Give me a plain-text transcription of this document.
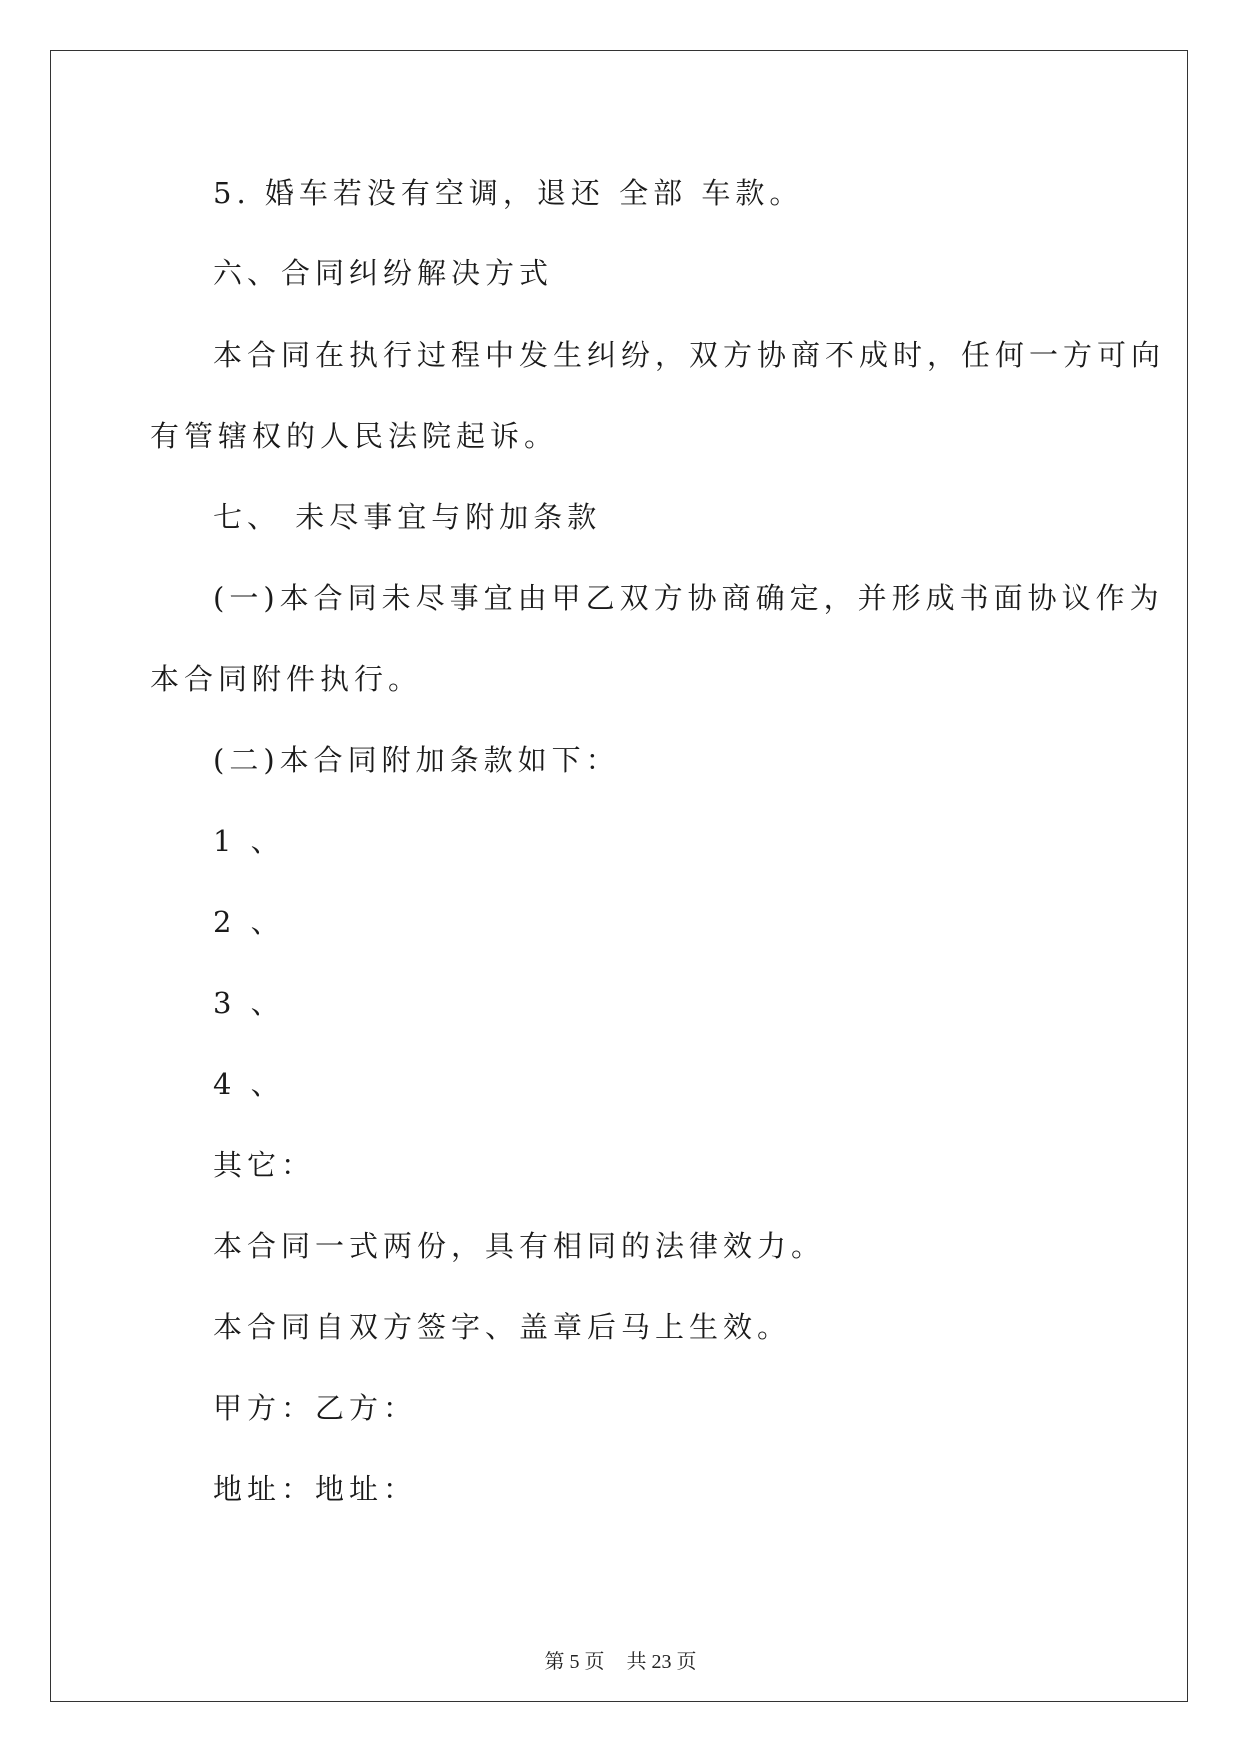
5. 婚车若没有空调，退还 全部 车款。
六、合同纠纷解决方式
本合同在执行过程中发生纠纷，双方协商不成时，任何一方可向
有管辖权的人民法院起诉。
七、 未尽事宜与附加条款
(一)本合同未尽事宜由甲乙双方协商确定，并形成书面协议作为
本合同附件执行。
(二)本合同附加条款如下：
1 、
2 、
3 、
4 、
其它：
本合同一式两份，具有相同的法律效力。
本合同自双方签字、盖章后马上生效。
甲方：乙方：
地址：地址：
第 5 页 共 23 页
